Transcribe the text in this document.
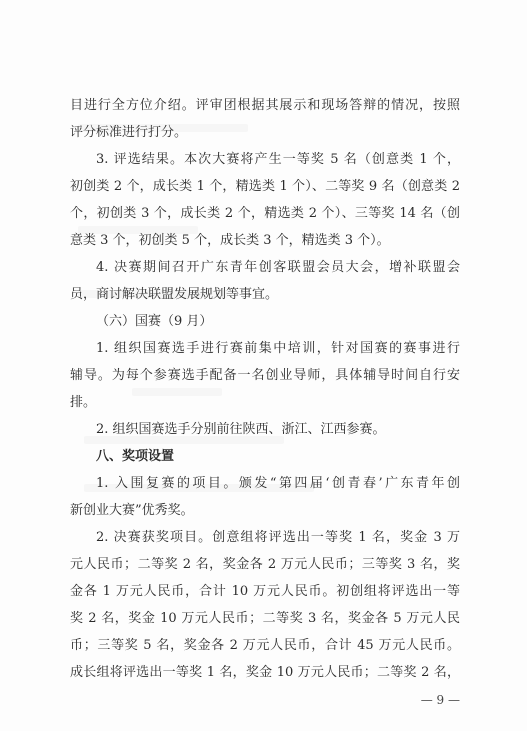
目进行全方位介绍。评审团根据其展示和现场答辩的情况，按照
评分标准进行打分。
3. 评选结果。本次大赛将产生一等奖 5 名（创意类 1 个，
初创类 2 个，成长类 1 个，精选类 1 个）、二等奖 9 名（创意类 2
个，初创类 3 个，成长类 2 个，精选类 2 个）、三等奖 14 名（创
意类 3 个，初创类 5 个，成长类 3 个，精选类 3 个）。
4. 决赛期间召开广东青年创客联盟会员大会，增补联盟会
员，商讨解决联盟发展规划等事宜。
（六）国赛（9 月）
1. 组织国赛选手进行赛前集中培训，针对国赛的赛事进行
辅导。为每个参赛选手配备一名创业导师，具体辅导时间自行安
排。
2. 组织国赛选手分别前往陕西、浙江、江西参赛。
八、奖项设置
1. 入围复赛的项目。颁发“第四届‘创青春’广东青年创
新创业大赛”优秀奖。
2. 决赛获奖项目。创意组将评选出一等奖 1 名，奖金 3 万
元人民币；二等奖 2 名，奖金各 2 万元人民币；三等奖 3 名，奖
金各 1 万元人民币，合计 10 万元人民币。初创组将评选出一等
奖 2 名，奖金 10 万元人民币；二等奖 3 名，奖金各 5 万元人民
币；三等奖 5 名，奖金各 2 万元人民币，合计 45 万元人民币。
成长组将评选出一等奖 1 名，奖金 10 万元人民币；二等奖 2 名，
— 9 —
